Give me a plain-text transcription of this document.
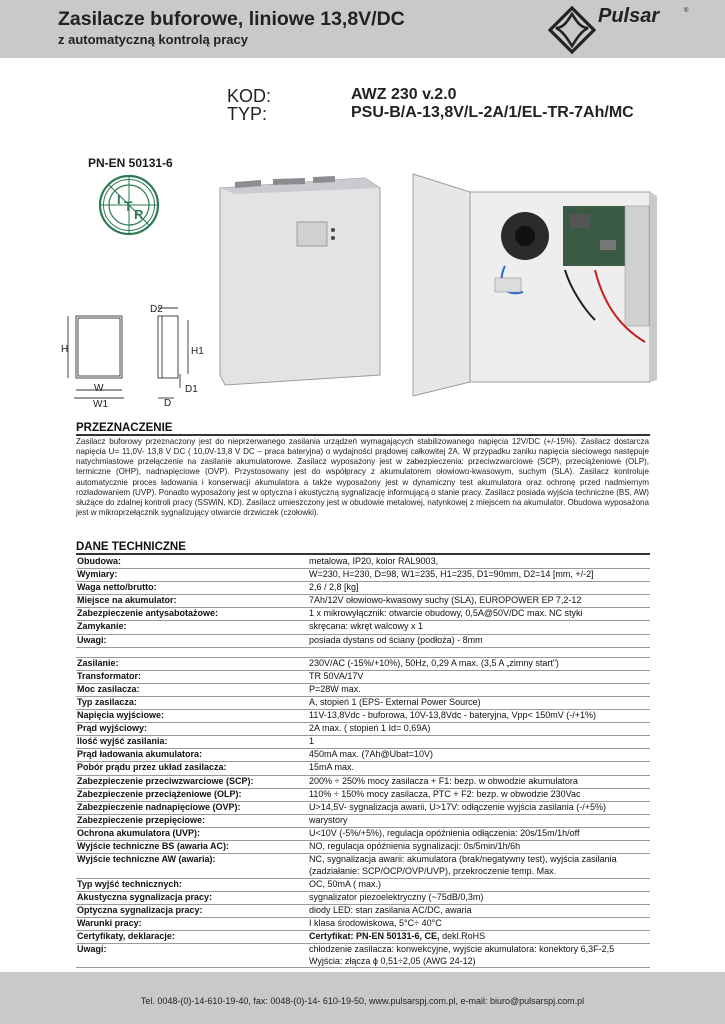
Zasilacze buforowe, liniowe 13,8V/DC
z automatyczną kontrolą pracy
Pulsar	®
KOD:	AWZ 230 v.2.0
TYP:	PSU-B/A-13,8V/L-2A/1/EL-TR-7Ah/MC
PN-EN 50131-6
I T
R
D2
H	H1
W
W1	D
D1
PRZEZNACZENIE
Zasilacz buforowy przeznaczony jest do nieprzerwanego zasilania urządzeń wymagających stabilizowanego napięcia 12V/DC (+/-15%). Zasilacz dostarcza napięcia U= 11,0V- 13,8 V DC ( 10,0V-13,8 V DC – praca bateryjna) o wydajności prądowej całkowitej 2A. W przypadku zaniku napięcia sieciowego następuje natychmiastowe przełączenie na zasilanie akumulatorowe. Zasilacz wyposażony jest w zabezpieczenia: przeciwzwarciowe (SCP), przeciążeniowe (OLP), termiczne (OHP), nadnapięciowe (OVP). Przystosowany jest do współpracy z akumulatorem ołowiowo-kwasowym, suchym (SLA). Zasilacz kontroluje automatycznie proces ładowania i konserwacji akumulatora a także wyposażony jest w dynamiczny test akumulatora oraz ochronę przed nadmiernym rozładowaniem (UVP). Ponadto wyposażony jest w optyczna i akustyczną sygnalizację informującą o stanie pracy. Zasilacz posiada wyjścia techniczne (BS, AW) służące do zdalnej kontroli pracy (SSWiN, KD). Zasilacz umieszczony jest w obudowie metalowej, natynkowej z miejscem na akumulator. Obudowa wyposażona jest w mikroprzełącznik sygnalizujący otwarcie drzwiczek (czołowki).
DANE TECHNICZNE
Obudowa:	metalowa, IP20, kolor RAL9003,
Wymiary:	W=230, H=230, D=98, W1=235, H1=235, D1=90mm, D2=14 [mm, +/-2]
Waga netto/brutto:	2,6 / 2,8 [kg]
Miejsce na akumulator:	7Ah/12V ołowiowo-kwasowy suchy (SLA), EUROPOWER EP 7,2-12
Zabezpieczenie antysabotażowe:	1 x mikrowyłącznik: otwarcie obudowy, 0,5A@50V/DC max. NC styki
Zamykanie:	skręcana: wkręt walcowy x 1
Uwagi:	posiada dystans od ściany (podłoża) - 8mm

Zasilanie:	230V/AC (-15%/+10%), 50Hz, 0,29 A max. (3,5 A „zimny start”)
Transformator:	TR 50VA/17V
Moc zasilacza:	P=28W max.
Typ zasilacza:	A, stopień 1 (EPS- External Power Source)
Napięcia wyjściowe:	11V-13,8Vdc - buforowa, 10V-13,8Vdc - bateryjna, Vpp< 150mV (-/+1%)
Prąd wyjściowy:	2A max. ( stopień 1 Id= 0,69A)
Ilość wyjść zasilania:	1
Prąd ładowania akumulatora:	450mA max. (7Ah@Ubat=10V)
Pobór prądu przez układ zasilacza:	15mA max.
Zabezpieczenie przeciwzwarciowe (SCP):	200% ÷ 250% mocy zasilacza + F1: bezp. w obwodzie akumulatora
Zabezpieczenie przeciążeniowe (OLP):	110% ÷ 150% mocy zasilacza, PTC + F2: bezp. w obwodzie 230Vac
Zabezpieczenie nadnapięciowe (OVP):	U>14,5V- sygnalizacja awarii, U>17V: odłączenie wyjścia zasilania (-/+5%)
Zabezpieczenie przepięciowe:	warystory
Ochrona akumulatora (UVP):	U<10V (-5%/+5%), regulacja opóźnienia odłączenia: 20s/15m/1h/off
Wyjście techniczne BS (awaria AC):	NO, regulacja opóźnienia sygnalizacji: 0s/5min/1h/6h
Wyjście techniczne AW (awaria):	NC, sygnalizacja awarii: akumulatora (brak/negatywny test), wyjścia zasilania
(zadziałanie: SCP/OCP/OVP/UVP), przekroczenie temp. Max.

Typ wyjść technicznych:	OC, 50mA ( max.)
Akustyczna sygnalizacja pracy:	sygnalizator piezoelektryczny (~75dB/0,3m)
Optyczna sygnalizacja pracy:	diody LED: stan zasilania AC/DC, awaria
Warunki pracy:	I klasa środowiskowa, 5°C÷ 40°C
Certyfikaty, deklaracje:	Certyfikat: PN-EN 50131-6, CE, dekl.RoHS
Uwagi:	chłodzenie zasilacza: konwekcyjne, wyjście akumulatora: konektory 6,3F-2,5
Wyjścia: złącza ϕ 0,51÷2,05 (AWG 24-12)
Tel. 0048-(0)-14-610-19-40, fax: 0048-(0)-14- 610-19-50, www.pulsarspj.com.pl, e-mail: biuro@pulsarspj.com.pl
